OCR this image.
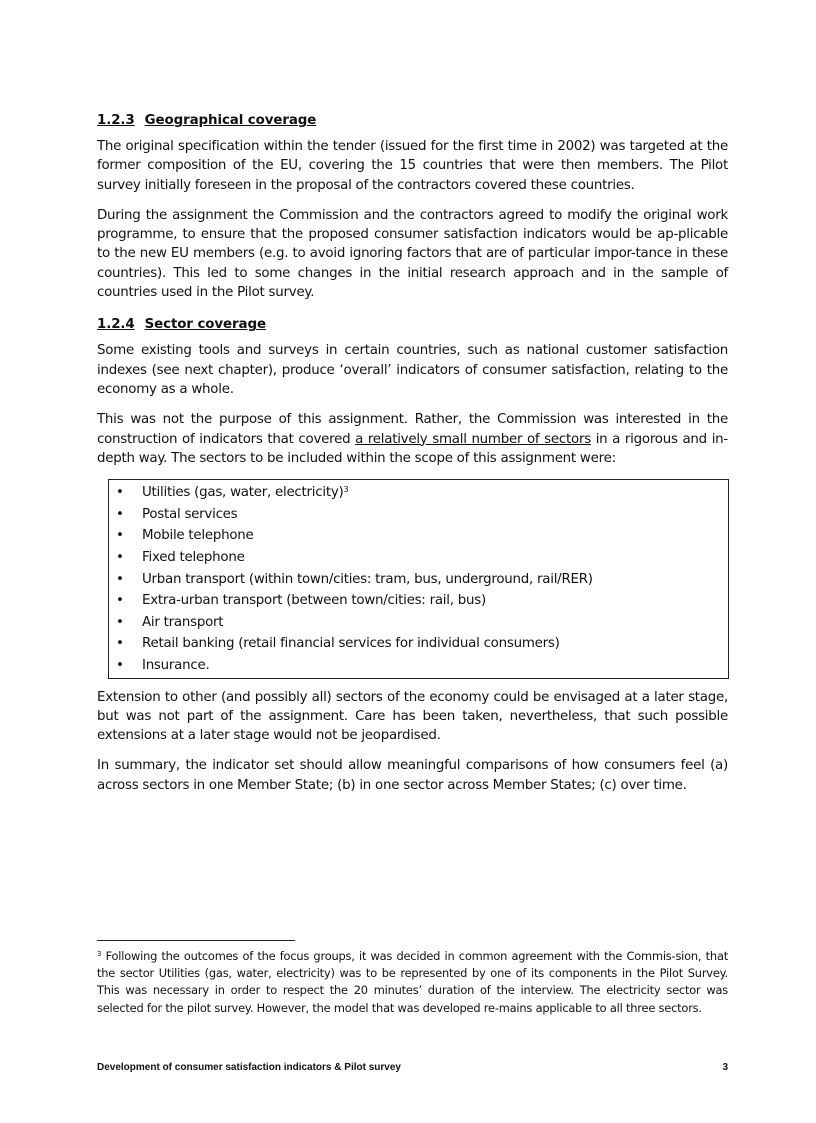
1.2.3 Geographical coverage

The original specification within the tender (issued for the first time in 2002) was targeted at the former composition of the EU, covering the 15 countries that were then members. The Pilot survey initially foreseen in the proposal of the contractors covered these countries.

During the assignment the Commission and the contractors agreed to modify the original work programme, to ensure that the proposed consumer satisfaction indicators would be ap-plicable to the new EU members (e.g. to avoid ignoring factors that are of particular impor-tance in these countries). This led to some changes in the initial research approach and in the sample of countries used in the Pilot survey.

1.2.4 Sector coverage

Some existing tools and surveys in certain countries, such as national customer satisfaction indexes (see next chapter), produce ‘overall’ indicators of consumer satisfaction, relating to the economy as a whole.

This was not the purpose of this assignment. Rather, the Commission was interested in the construction of indicators that covered a relatively small number of sectors in a rigorous and in-depth way. The sectors to be included within the scope of this assignment were:

• Utilities (gas, water, electricity)$^3$
• Postal services
• Mobile telephone
• Fixed telephone
• Urban transport (within town/cities: tram, bus, underground, rail/RER)
• Extra-urban transport (between town/cities: rail, bus)
• Air transport
• Retail banking (retail financial services for individual consumers)
• Insurance.

Extension to other (and possibly all) sectors of the economy could be envisaged at a later stage, but was not part of the assignment. Care has been taken, nevertheless, that such possible extensions at a later stage would not be jeopardised.

In summary, the indicator set should allow meaningful comparisons of how consumers feel (a) across sectors in one Member State; (b) in one sector across Member States; (c) over time.

$^3$ Following the outcomes of the focus groups, it was decided in common agreement with the Commis-sion, that the sector Utilities (gas, water, electricity) was to be represented by one of its components in the Pilot Survey. This was necessary in order to respect the 20 minutes’ duration of the interview. The electricity sector was selected for the pilot survey. However, the model that was developed re-mains applicable to all three sectors.
Development of consumer satisfaction indicators & Pilot survey	3
